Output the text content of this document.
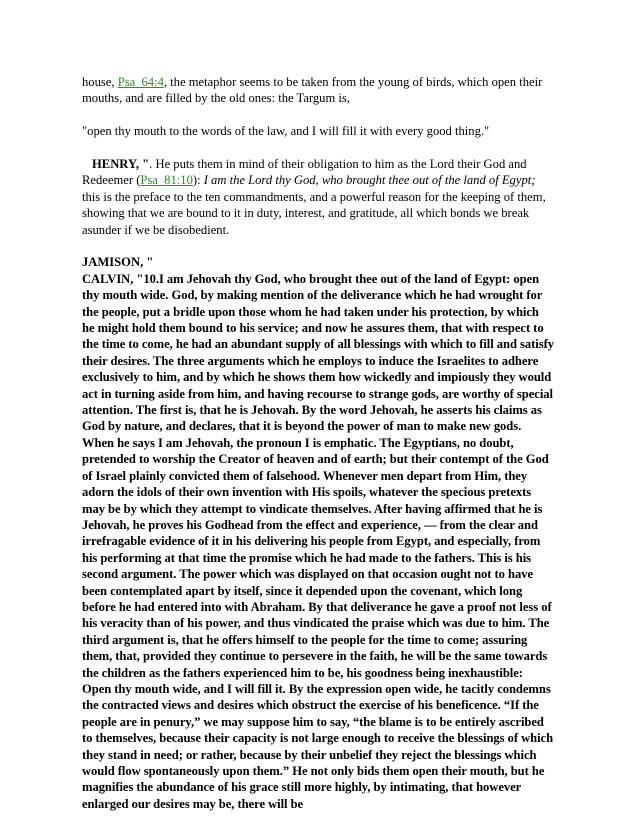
house, Psa_64:4, the metaphor seems to be taken from the young of birds, which open their mouths, and are filled by the old ones: the Targum is,

"open thy mouth to the words of the law, and I will fill it with every good thing."

HENRY, ". He puts them in mind of their obligation to him as the Lord their God and Redeemer (Psa_81:10): I am the Lord thy God, who brought thee out of the land of Egypt; this is the preface to the ten commandments, and a powerful reason for the keeping of them, showing that we are bound to it in duty, interest, and gratitude, all which bonds we break asunder if we be disobedient.

JAMISON, "

CALVIN, "10.I am Jehovah thy God, who brought thee out of the land of Egypt: open thy mouth wide. God, by making mention of the deliverance which he had wrought for the people, put a bridle upon those whom he had taken under his protection, by which he might hold them bound to his service; and now he assures them, that with respect to the time to come, he had an abundant supply of all blessings with which to fill and satisfy their desires. The three arguments which he employs to induce the Israelites to adhere exclusively to him, and by which he shows them how wickedly and impiously they would act in turning aside from him, and having recourse to strange gods, are worthy of special attention. The first is, that he is Jehovah. By the word Jehovah, he asserts his claims as God by nature, and declares, that it is beyond the power of man to make new gods. When he says I am Jehovah, the pronoun I is emphatic. The Egyptians, no doubt, pretended to worship the Creator of heaven and of earth; but their contempt of the God of Israel plainly convicted them of falsehood. Whenever men depart from Him, they adorn the idols of their own invention with His spoils, whatever the specious pretexts may be by which they attempt to vindicate themselves. After having affirmed that he is Jehovah, he proves his Godhead from the effect and experience, — from the clear and irrefragable evidence of it in his delivering his people from Egypt, and especially, from his performing at that time the promise which he had made to the fathers. This is his second argument. The power which was displayed on that occasion ought not to have been contemplated apart by itself, since it depended upon the covenant, which long before he had entered into with Abraham. By that deliverance he gave a proof not less of his veracity than of his power, and thus vindicated the praise which was due to him. The third argument is, that he offers himself to the people for the time to come; assuring them, that, provided they continue to persevere in the faith, he will be the same towards the children as the fathers experienced him to be, his goodness being inexhaustible: Open thy mouth wide, and I will fill it. By the expression open wide, he tacitly condemns the contracted views and desires which obstruct the exercise of his beneficence. “If the people are in penury,” we may suppose him to say, “the blame is to be entirely ascribed to themselves, because their capacity is not large enough to receive the blessings of which they stand in need; or rather, because by their unbelief they reject the blessings which would flow spontaneously upon them.” He not only bids them open their mouth, but he magnifies the abundance of his grace still more highly, by intimating, that however enlarged our desires may be, there will be
